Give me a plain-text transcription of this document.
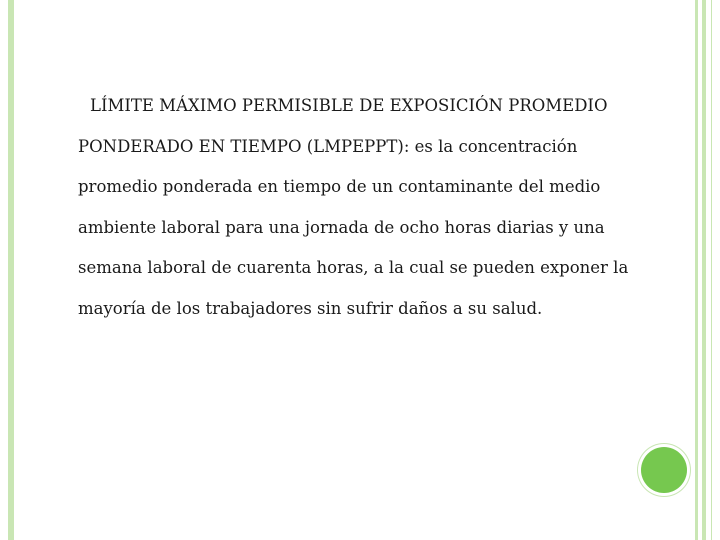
LÍMITE MÁXIMO PERMISIBLE DE EXPOSICIÓN PROMEDIO PONDERADO EN TIEMPO (LMPEPPT): es la concentración promedio ponderada en tiempo de un contaminante del medio ambiente laboral para una jornada de ocho horas diarias y una semana laboral de cuarenta horas, a la cual se pueden exponer la mayoría de los trabajadores sin sufrir daños a su salud.
